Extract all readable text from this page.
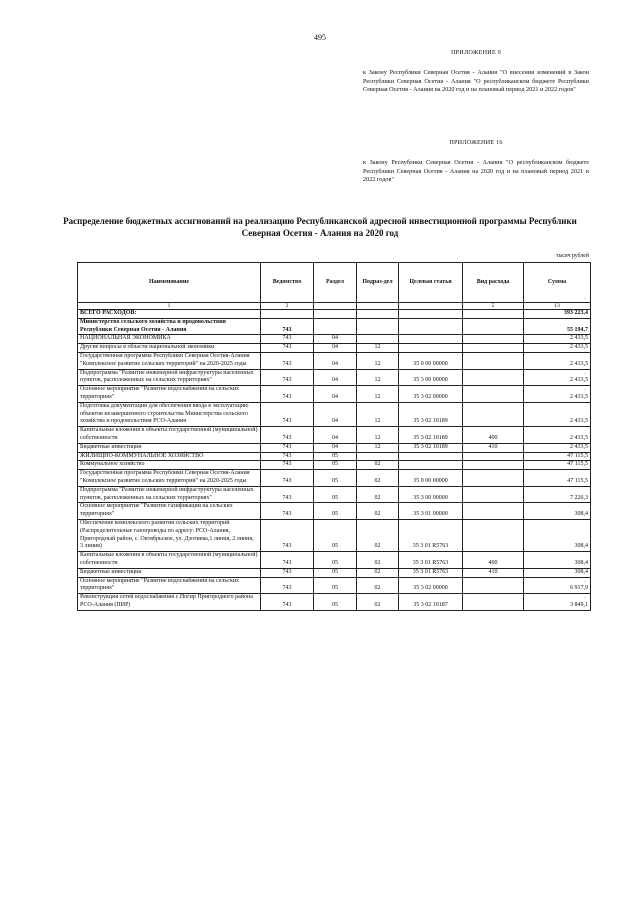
495
ПРИЛОЖЕНИЕ 9
к Закону Республики Северная Осетия - Алания "О внесении изменений в Закон Республики Северная Осетия - Алания "О республиканском бюджете Республики Северная Осетия - Алания на 2020 год и на плановый период 2021 и 2022 годов"
ПРИЛОЖЕНИЕ 16
к Закону Республики Северная Осетия - Алания "О республиканском бюджете Республики Северная Осетия - Алания на 2020 год и на плановый период 2021 и 2022 годов"
Распределение бюджетных ассигнований на реализацию Республиканской адресной инвестиционной программы Республики Северная Осетия - Алания на 2020 год
тысяч рублей
Наименование	Ведомство	Раздел	Подраз-дел	Целевая статья	Вид расхода	Сумма
1	2				5	13
ВСЕГО РАСХОДОВ:						393 223,4
Министерство сельского хозяйства и продовольствия Республики Северная Осетия - Алания	743					55 194,7
НАЦИОНАЛЬНАЯ ЭКОНОМИКА	743	04				2 433,5
Другие вопросы в области национальной экономики	743	04	12			2 433,5
Государственная программа Республики Северная Осетия-Алания "Комплексное развитие сельских территорий" на 2020-2025 годы	743	04	12	35 0 00 00000		2 433,5
Подпрограмма "Развитие инженерной инфраструктуры населенных пунктов, расположенных на сельских территориях"	743	04	12	35 3 00 00000		2 433,5
Основное мероприятие "Развитие водоснабжения на сельских территориях"	743	04	12	35 3 02 00000		2 433,5
Подготовка документации для обеспечения ввода в эксплуатацию объектов незавершенного строительства Министерства сельского хозяйства и продовольствия РСО-Алания	743	04	12	35 3 02 10189		2 433,5
Капитальные вложения в объекты государственной (муниципальной) собственности	743	04	12	35 3 02 10189	400	2 433,5
Бюджетные инвестиции	743	04	12	35 3 02 10189	410	2 433,5
ЖИЛИЩНО-КОММУНАЛЬНОЕ ХОЗЯЙСТВО	743	05				47 115,5
Коммунальное хозяйство	743	05	02			47 115,5
Государственная программа Республики Северная Осетия-Алания "Комплексное развитие сельских территорий" на 2020-2025 годы	743	05	02	35 0 00 00000		47 115,5
Подпрограмма "Развитие инженерной инфраструктуры населенных пунктов, расположенных на сельских территориях"	743	05	02	35 3 00 00000		7 226,3
Основное мероприятие "Развитие газификации на сельских территориях"	743	05	02	35 3 01 00000		308,4
Обеспечение комплексного развития сельских территорий (Распределительные газопроводы по адресу: РСО-Алания, Пригородный район, с. Октябрьское, ул. Дзотиева,1 линия, 2 линия, 3 линия)	743	05	02	35 3 01 R5763		308,4
Капитальные вложения в объекты государственной (муниципальной) собственности	743	05	02	35 3 01 R5763	400	308,4
Бюджетные инвестиции	743	05	02	35 3 01 R5763	410	308,4
Основное мероприятие "Развитие водоснабжения на сельских территориях"	743	05	02	35 3 02 00000		6 917,9
Реконструкция сетей водоснабжения с.Ногир Пригородного района РСО-Алания (ПИР)	743	05	02	35 3 02 10187		3 849,1
